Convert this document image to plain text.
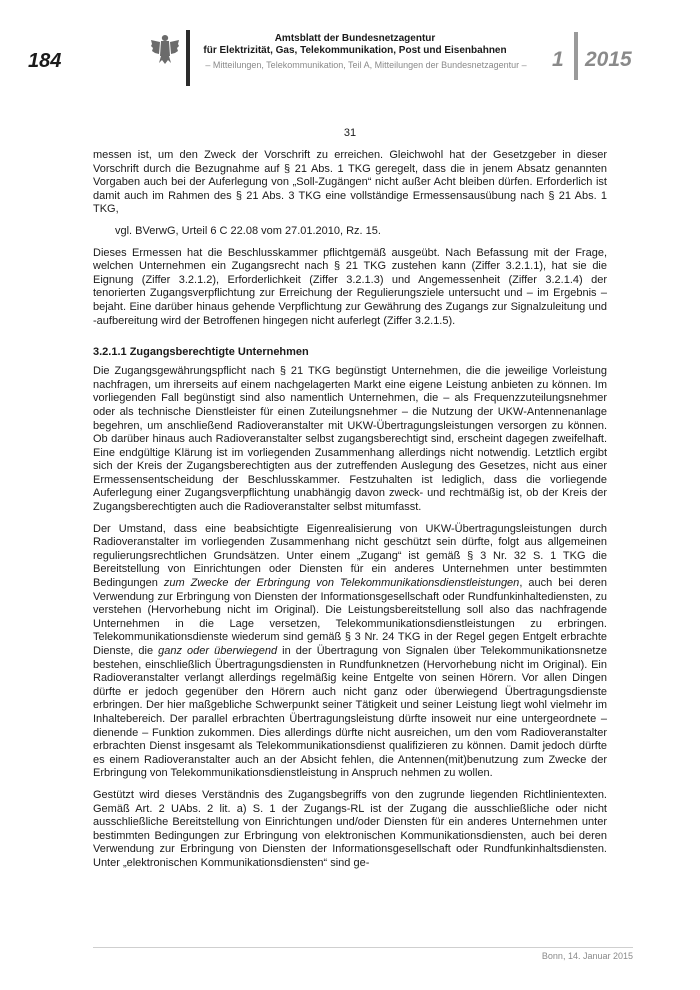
184
Amtsblatt der Bundesnetzagentur
für Elektrizität, Gas, Telekommunikation, Post und Eisenbahnen
– Mitteilungen, Telekommunikation, Teil A, Mitteilungen der Bundesnetzagentur –	1 2015
31

messen ist, um den Zweck der Vorschrift zu erreichen. Gleichwohl hat der Gesetzgeber in dieser Vorschrift durch die Bezugnahme auf § 21 Abs. 1 TKG geregelt, dass die in jenem Absatz genannten Vorgaben auch bei der Auferlegung von „Soll-Zugängen“ nicht außer Acht bleiben dürfen. Erforderlich ist damit auch im Rahmen des § 21 Abs. 3 TKG eine vollständige Ermessensausübung nach § 21 Abs. 1 TKG,

vgl. BVerwG, Urteil 6 C 22.08 vom 27.01.2010, Rz. 15.

Dieses Ermessen hat die Beschlusskammer pflichtgemäß ausgeübt. Nach Befassung mit der Frage, welchen Unternehmen ein Zugangsrecht nach § 21 TKG zustehen kann (Ziffer 3.2.1.1), hat sie die Eignung (Ziffer 3.2.1.2), Erforderlichkeit (Ziffer 3.2.1.3) und Angemessenheit (Ziffer 3.2.1.4) der tenorierten Zugangsverpflichtung zur Erreichung der Regulierungsziele untersucht und – im Ergebnis – bejaht. Eine darüber hinaus gehende Verpflichtung zur Gewährung des Zugangs zur Signalzuleitung und -aufbereitung wird der Betroffenen hingegen nicht auferlegt (Ziffer 3.2.1.5).

3.2.1.1 Zugangsberechtigte Unternehmen

Die Zugangsgewährungspflicht nach § 21 TKG begünstigt Unternehmen, die die jeweilige Vorleistung nachfragen, um ihrerseits auf einem nachgelagerten Markt eine eigene Leistung anbieten zu können. Im vorliegenden Fall begünstigt sind also namentlich Unternehmen, die – als Frequenzzuteilungsnehmer oder als technische Dienstleister für einen Zuteilungsnehmer – die Nutzung der UKW-Antennenanlage begehren, um anschließend Radioveranstalter mit UKW-Übertragungsleistungen versorgen zu können. Ob darüber hinaus auch Radioveranstalter selbst zugangsberechtigt sind, erscheint dagegen zweifelhaft. Eine endgültige Klärung ist im vorliegenden Zusammenhang allerdings nicht notwendig. Letztlich ergibt sich der Kreis der Zugangsberechtigten aus der zutreffenden Auslegung des Gesetzes, nicht aus einer Ermessensentscheidung der Beschlusskammer. Festzuhalten ist lediglich, dass die vorliegende Auferlegung einer Zugangsverpflichtung unabhängig davon zweck- und rechtmäßig ist, ob der Kreis der Zugangsberechtigten auch die Radioveranstalter selbst mitumfasst.

Der Umstand, dass eine beabsichtigte Eigenrealisierung von UKW-Übertragungsleistungen durch Radioveranstalter im vorliegenden Zusammenhang nicht geschützt sein dürfte, folgt aus allgemeinen regulierungsrechtlichen Grundsätzen. Unter einem „Zugang“ ist gemäß § 3 Nr. 32 S. 1 TKG die Bereitstellung von Einrichtungen oder Diensten für ein anderes Unternehmen unter bestimmten Bedingungen zum Zwecke der Erbringung von Telekommunikationsdienstleistungen, auch bei deren Verwendung zur Erbringung von Diensten der Informationsgesellschaft oder Rundfunkinhaltediensten, zu verstehen (Hervorhebung nicht im Original). Die Leistungsbereitstellung soll also das nachfragende Unternehmen in die Lage versetzen, Telekommunikationsdienstleistungen zu erbringen. Telekommunikationsdienste wiederum sind gemäß § 3 Nr. 24 TKG in der Regel gegen Entgelt erbrachte Dienste, die ganz oder überwiegend in der Übertragung von Signalen über Telekommunikationsnetze bestehen, einschließlich Übertragungsdiensten in Rundfunknetzen (Hervorhebung nicht im Original). Ein Radioveranstalter verlangt allerdings regelmäßig keine Entgelte von seinen Hörern. Vor allen Dingen dürfte er jedoch gegenüber den Hörern auch nicht ganz oder überwiegend Übertragungsdienste erbringen. Der hier maßgebliche Schwerpunkt seiner Tätigkeit und seiner Leistung liegt wohl vielmehr im Inhaltebereich. Der parallel erbrachten Übertragungsleistung dürfte insoweit nur eine untergeordnete – dienende – Funktion zukommen. Dies allerdings dürfte nicht ausreichen, um den vom Radioveranstalter erbrachten Dienst insgesamt als Telekommunikationsdienst qualifizieren zu können. Damit jedoch dürfte es einem Radioveranstalter auch an der Absicht fehlen, die Antennen(mit)benutzung zum Zwecke der Erbringung von Telekommunikationsdienstleistung in Anspruch nehmen zu wollen.

Gestützt wird dieses Verständnis des Zugangsbegriffs von den zugrunde liegenden Richtlinientexten. Gemäß Art. 2 UAbs. 2 lit. a) S. 1 der Zugangs-RL ist der Zugang die ausschließliche oder nicht ausschließliche Bereitstellung von Einrichtungen und/oder Diensten für ein anderes Unternehmen unter bestimmten Bedingungen zur Erbringung von elektronischen Kommunikationsdiensten, auch bei deren Verwendung zur Erbringung von Diensten der Informationsgesellschaft oder Rundfunkinhaltsdiensten. Unter „elektronischen Kommunikationsdiensten“ sind ge-

Bonn, 14. Januar 2015
